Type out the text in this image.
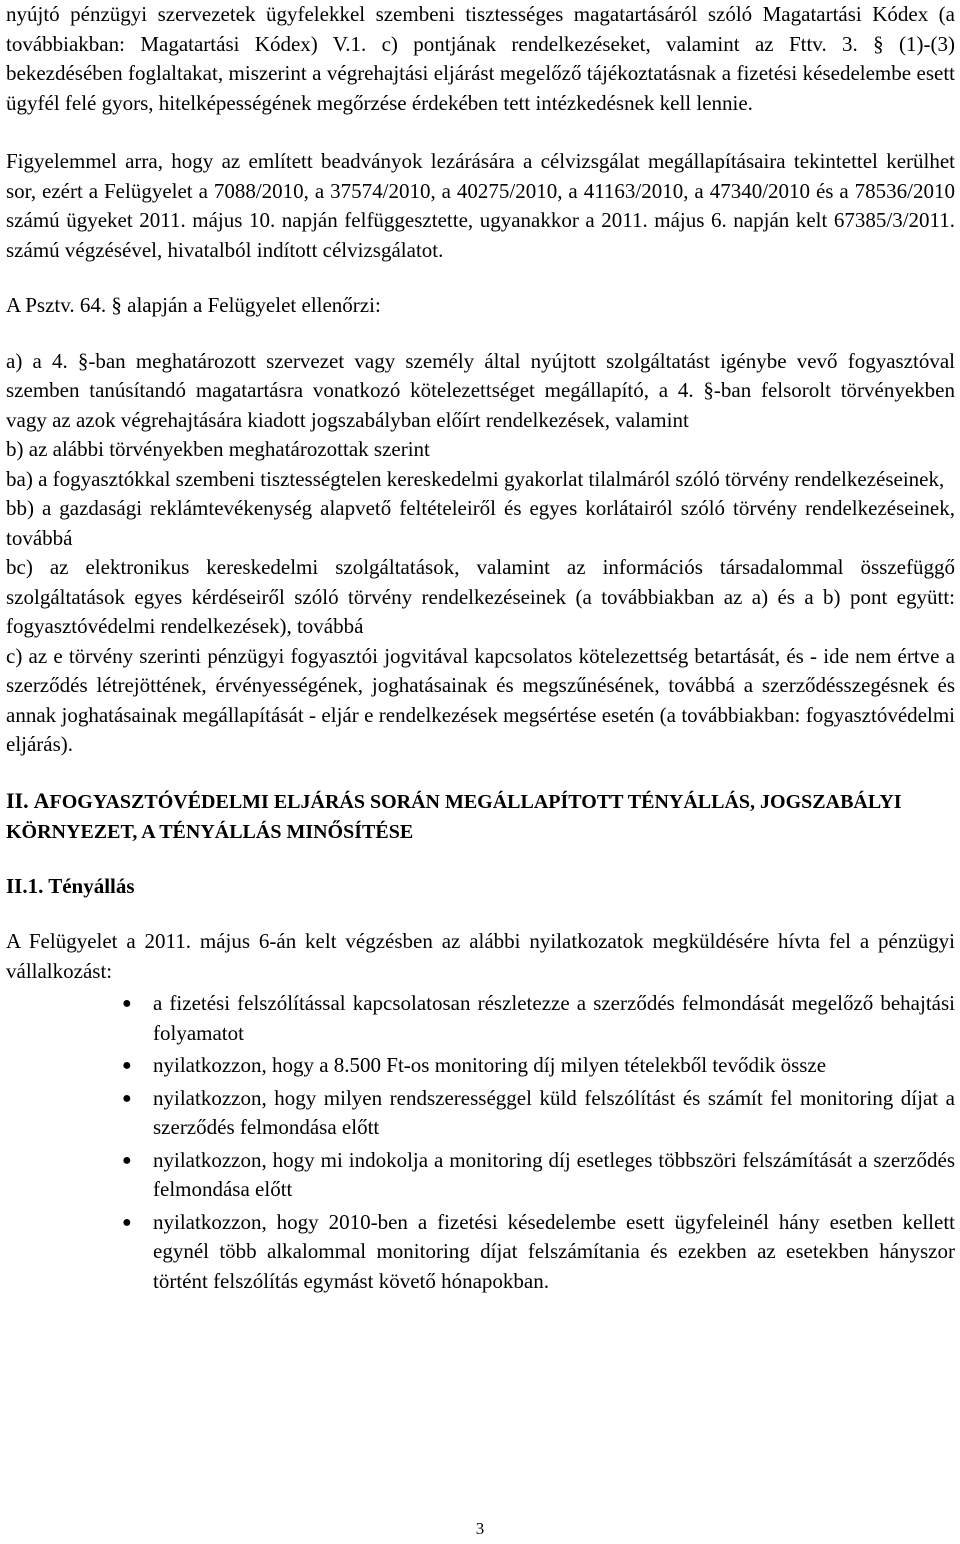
nyújtó pénzügyi szervezetek ügyfelekkel szembeni tisztességes magatartásáról szóló Magatartási Kódex (a továbbiakban: Magatartási Kódex) V.1. c) pontjának rendelkezéseket, valamint az Fttv. 3. § (1)-(3) bekezdésében foglaltakat, miszerint a végrehajtási eljárást megelőző tájékoztatásnak a fizetési késedelembe esett ügyfél felé gyors, hitelképességének megőrzése érdekében tett intézkedésnek kell lennie.

Figyelemmel arra, hogy az említett beadványok lezárására a célvizsgálat megállapításaira tekintettel kerülhet sor, ezért a Felügyelet a 7088/2010, a 37574/2010, a 40275/2010, a 41163/2010, a 47340/2010 és a 78536/2010 számú ügyeket 2011. május 10. napján felfüggesztette, ugyanakkor a 2011. május 6. napján kelt 67385/3/2011. számú végzésével, hivatalból indított célvizsgálatot.

A Psztv. 64. § alapján a Felügyelet ellenőrzi:

a) a 4. §-ban meghatározott szervezet vagy személy által nyújtott szolgáltatást igénybe vevő fogyasztóval szemben tanúsítandó magatartásra vonatkozó kötelezettséget megállapító, a 4. §-ban felsorolt törvényekben vagy az azok végrehajtására kiadott jogszabályban előírt rendelkezések, valamint

b) az alábbi törvényekben meghatározottak szerint

ba) a fogyasztókkal szembeni tisztességtelen kereskedelmi gyakorlat tilalmáról szóló törvény rendelkezéseinek,

bb) a gazdasági reklámtevékenység alapvető feltételeiről és egyes korlátairól szóló törvény rendelkezéseinek, továbbá

bc) az elektronikus kereskedelmi szolgáltatások, valamint az információs társadalommal összefüggő szolgáltatások egyes kérdéseiről szóló törvény rendelkezéseinek (a továbbiakban az a) és a b) pont együtt: fogyasztóvédelmi rendelkezések), továbbá

c) az e törvény szerinti pénzügyi fogyasztói jogvitával kapcsolatos kötelezettség betartását, és - ide nem értve a szerződés létrejöttének, érvényességének, joghatásainak és megszűnésének, továbbá a szerződésszegésnek és annak joghatásainak megállapítását - eljár e rendelkezések megsértése esetén (a továbbiakban: fogyasztóvédelmi eljárás).

II. AFOGYASZTÓVÉDELMI ELJÁRÁS SORÁN MEGÁLLAPÍTOTT TÉNYÁLLÁS, JOGSZABÁLYI KÖRNYEZET, A TÉNYÁLLÁS MINŐSÍTÉSE
II.1. Tényállás

A Felügyelet a 2011. május 6-án kelt végzésben az alábbi nyilatkozatok megküldésére hívta fel a pénzügyi vállalkozást:

● a fizetési felszólítással kapcsolatosan részletezze a szerződés felmondását megelőző behajtási folyamatot
● nyilatkozzon, hogy a 8.500 Ft-os monitoring díj milyen tételekből tevődik össze
● nyilatkozzon, hogy milyen rendszerességgel küld felszólítást és számít fel monitoring díjat a szerződés felmondása előtt
● nyilatkozzon, hogy mi indokolja a monitoring díj esetleges többszöri felszámítását a szerződés felmondása előtt
● nyilatkozzon, hogy 2010-ben a fizetési késedelembe esett ügyfeleinél hány esetben kellett egynél több alkalommal monitoring díjat felszámítania és ezekben az esetekben hányszor történt felszólítás egymást követő hónapokban.
3
